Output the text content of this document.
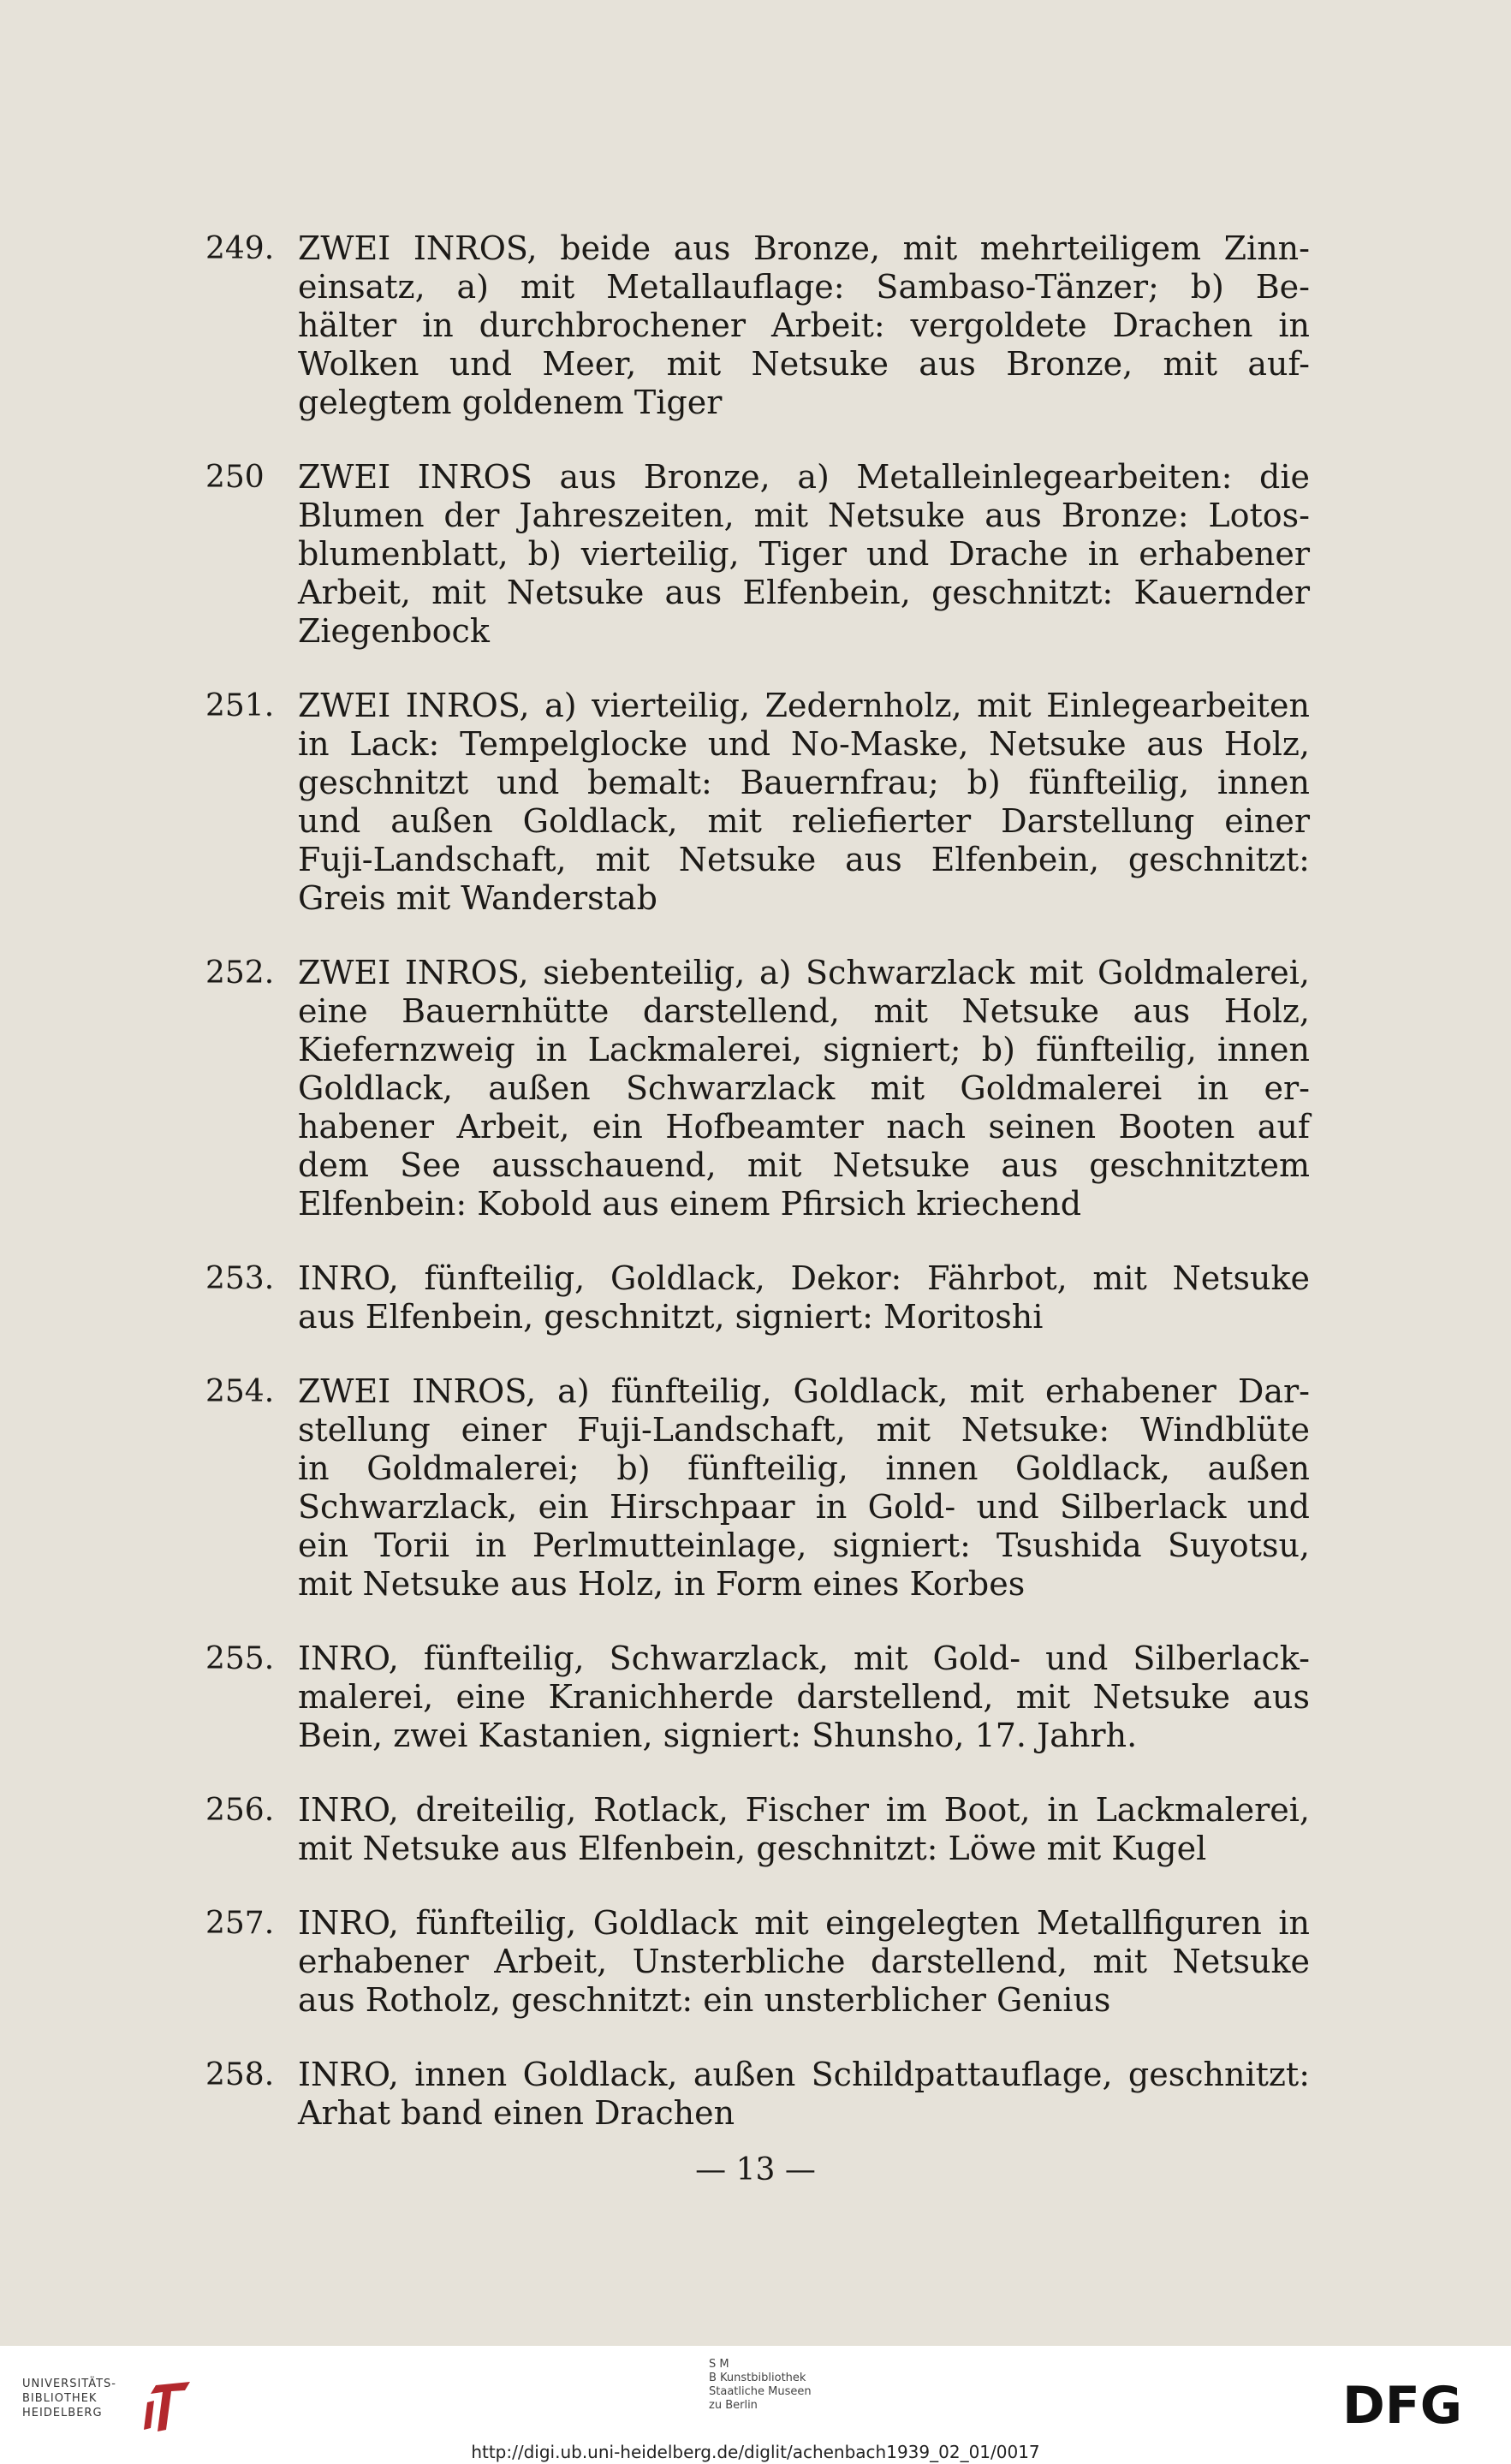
249. ZWEI INROS, beide aus Bronze, mit mehrteiligem Zinn-
einsatz, a) mit Metallauflage: Sambaso-Tänzer; b) Be-
hälter in durchbrochener Arbeit: vergoldete Drachen in
Wolken und Meer, mit Netsuke aus Bronze, mit auf-
gelegtem goldenem Tiger
250 ZWEI INROS aus Bronze, a) Metalleinlegearbeiten: die
Blumen der Jahreszeiten, mit Netsuke aus Bronze: Lotos-
blumenblatt, b) vierteilig, Tiger und Drache in erhabener
Arbeit, mit Netsuke aus Elfenbein, geschnitzt: Kauernder
Ziegenbock
251. ZWEI INROS, a) vierteilig, Zedernholz, mit Einlegearbeiten
in Lack: Tempelglocke und No-Maske, Netsuke aus Holz,
geschnitzt und bemalt: Bauernfrau; b) fünfteilig, innen
und außen Goldlack, mit reliefierter Darstellung einer
Fuji-Landschaft, mit Netsuke aus Elfenbein, geschnitzt:
Greis mit Wanderstab
252. ZWEI INROS, siebenteilig, a) Schwarzlack mit Goldmalerei,
eine Bauernhütte darstellend, mit Netsuke aus Holz,
Kiefernzweig in Lackmalerei, signiert; b) fünfteilig, innen
Goldlack, außen Schwarzlack mit Goldmalerei in er-
habener Arbeit, ein Hofbeamter nach seinen Booten auf
dem See ausschauend, mit Netsuke aus geschnitztem
Elfenbein: Kobold aus einem Pfirsich kriechend
253. INRO, fünfteilig, Goldlack, Dekor: Fährbot, mit Netsuke
aus Elfenbein, geschnitzt, signiert: Moritoshi
254. ZWEI INROS, a) fünfteilig, Goldlack, mit erhabener Dar-
stellung einer Fuji-Landschaft, mit Netsuke: Windblüte
in Goldmalerei; b) fünfteilig, innen Goldlack, außen
Schwarzlack, ein Hirschpaar in Gold- und Silberlack und
ein Torii in Perlmutteinlage, signiert: Tsushida Suyotsu,
mit Netsuke aus Holz, in Form eines Korbes
255. INRO, fünfteilig, Schwarzlack, mit Gold- und Silberlack-
malerei, eine Kranichherde darstellend, mit Netsuke aus
Bein, zwei Kastanien, signiert: Shunsho, 17. Jahrh.
256. INRO, dreiteilig, Rotlack, Fischer im Boot, in Lackmalerei,
mit Netsuke aus Elfenbein, geschnitzt: Löwe mit Kugel
257. INRO, fünfteilig, Goldlack mit eingelegten Metallfiguren in
erhabener Arbeit, Unsterbliche darstellend, mit Netsuke
aus Rotholz, geschnitzt: ein unsterblicher Genius
258. INRO, innen Goldlack, außen Schildpattauflage, geschnitzt:
Arhat band einen Drachen
— 13 —
UNIVERSITÄTS-
BIBLIOTHEK
HEIDELBERG
S M
B Kunstbibliothek
Staatliche Museen
zu Berlin	DFG
http://digi.ub.uni-heidelberg.de/diglit/achenbach1939_02_01/0017
